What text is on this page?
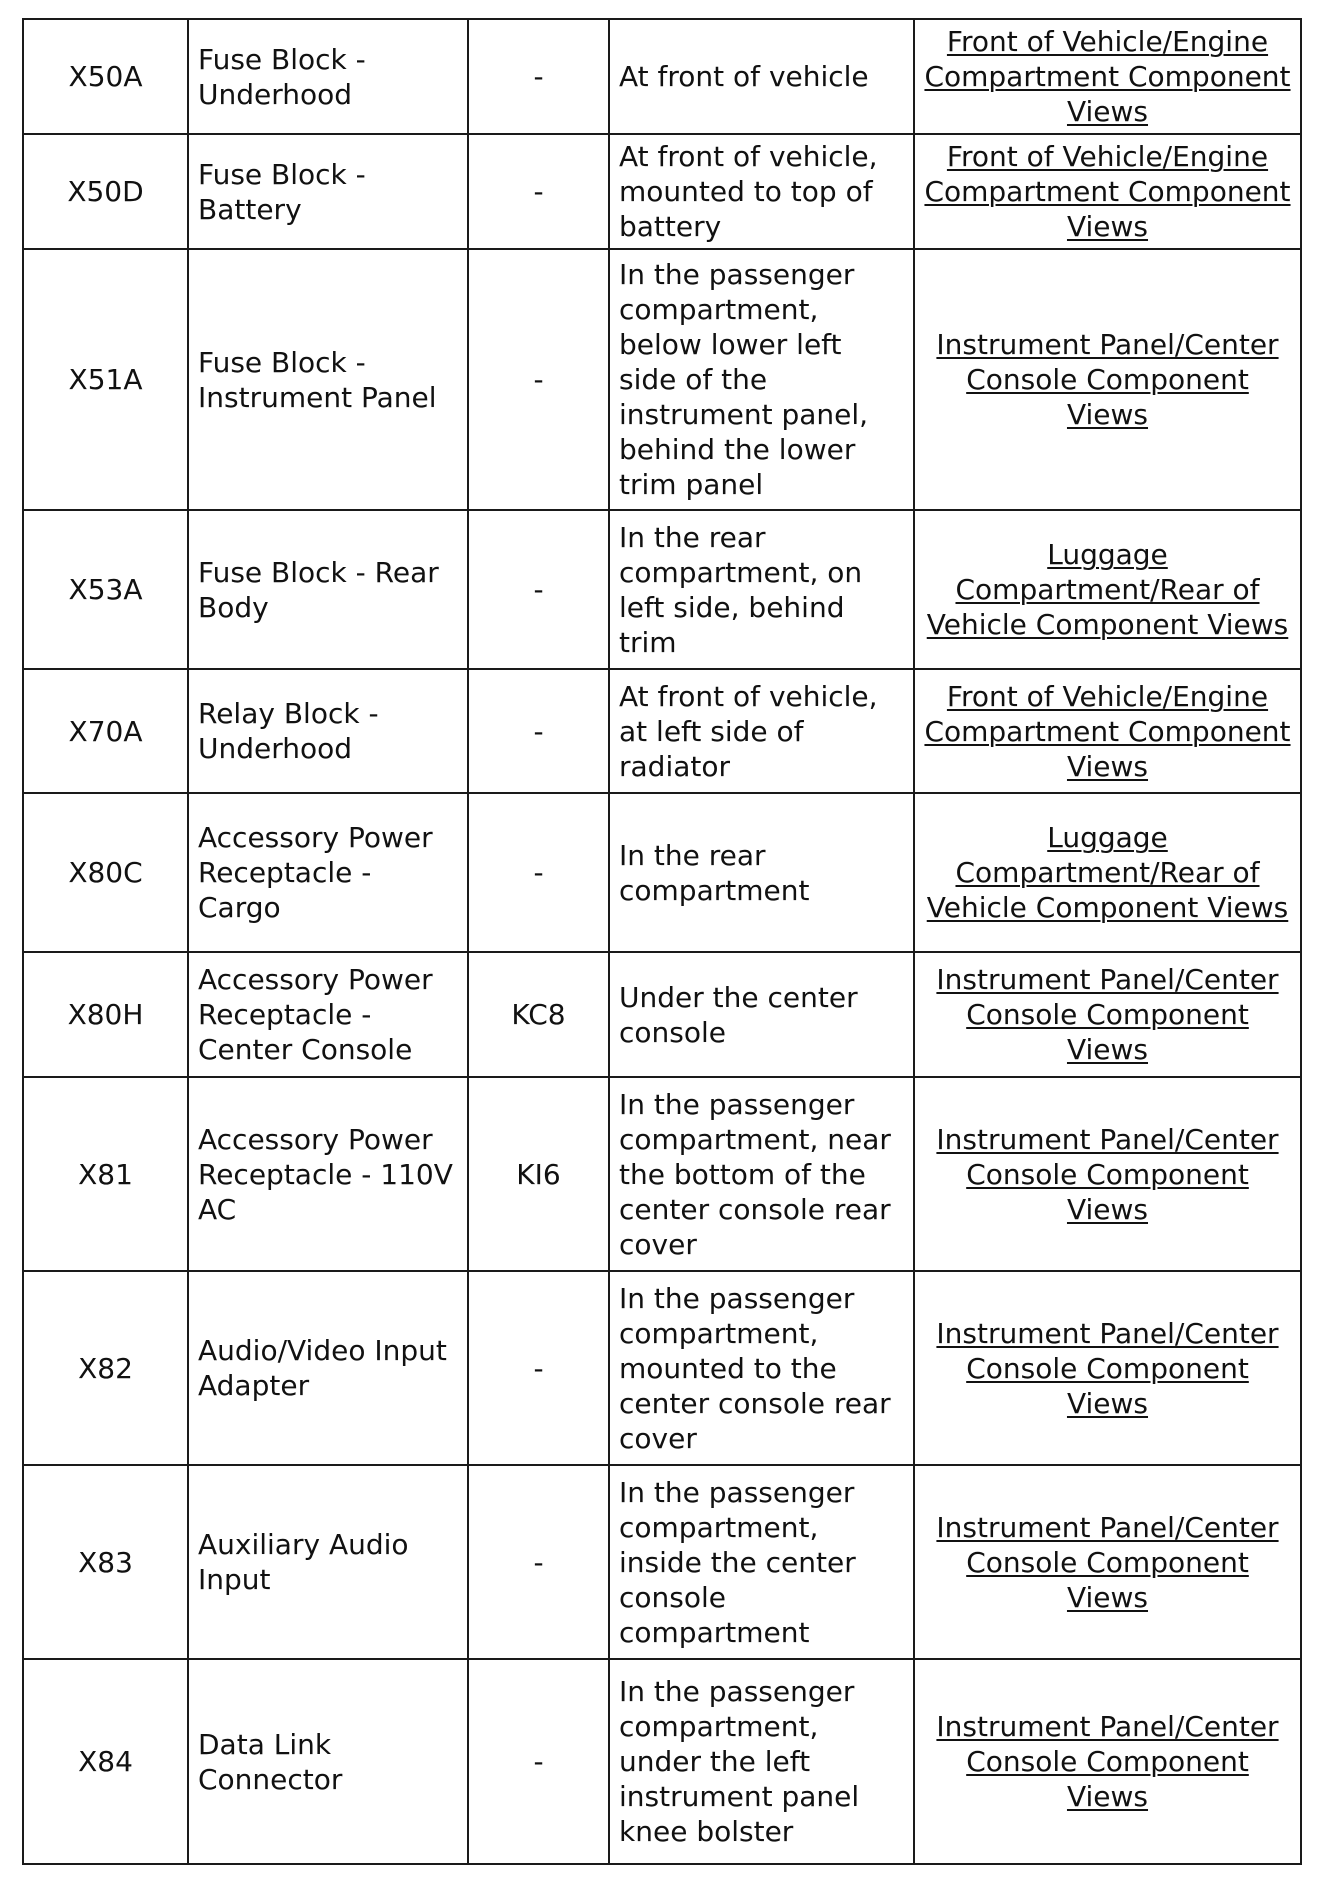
X50A	Fuse Block - Underhood	-	At front of vehicle	Front of Vehicle/Engine Compartment Component Views
X50D	Fuse Block - Battery	-	At front of vehicle, mounted to top of battery	Front of Vehicle/Engine Compartment Component Views
X51A	Fuse Block - Instrument Panel	-	In the passenger compartment, below lower left side of the instrument panel, behind the lower trim panel	Instrument Panel/Center Console Component Views
X53A	Fuse Block - Rear Body	-	In the rear compartment, on left side, behind trim	Luggage Compartment/Rear of Vehicle Component Views
X70A	Relay Block - Underhood	-	At front of vehicle, at left side of radiator	Front of Vehicle/Engine Compartment Component Views
X80C	Accessory Power Receptacle - Cargo	-	In the rear compartment	Luggage Compartment/Rear of Vehicle Component Views
X80H	Accessory Power Receptacle - Center Console	KC8	Under the center console	Instrument Panel/Center Console Component Views
X81	Accessory Power Receptacle - 110V AC	KI6	In the passenger compartment, near the bottom of the center console rear cover	Instrument Panel/Center Console Component Views
X82	Audio/Video Input Adapter	-	In the passenger compartment, mounted to the center console rear cover	Instrument Panel/Center Console Component Views
X83	Auxiliary Audio Input	-	In the passenger compartment, inside the center console compartment	Instrument Panel/Center Console Component Views
X84	Data Link Connector	-	In the passenger compartment, under the left instrument panel knee bolster	Instrument Panel/Center Console Component Views
